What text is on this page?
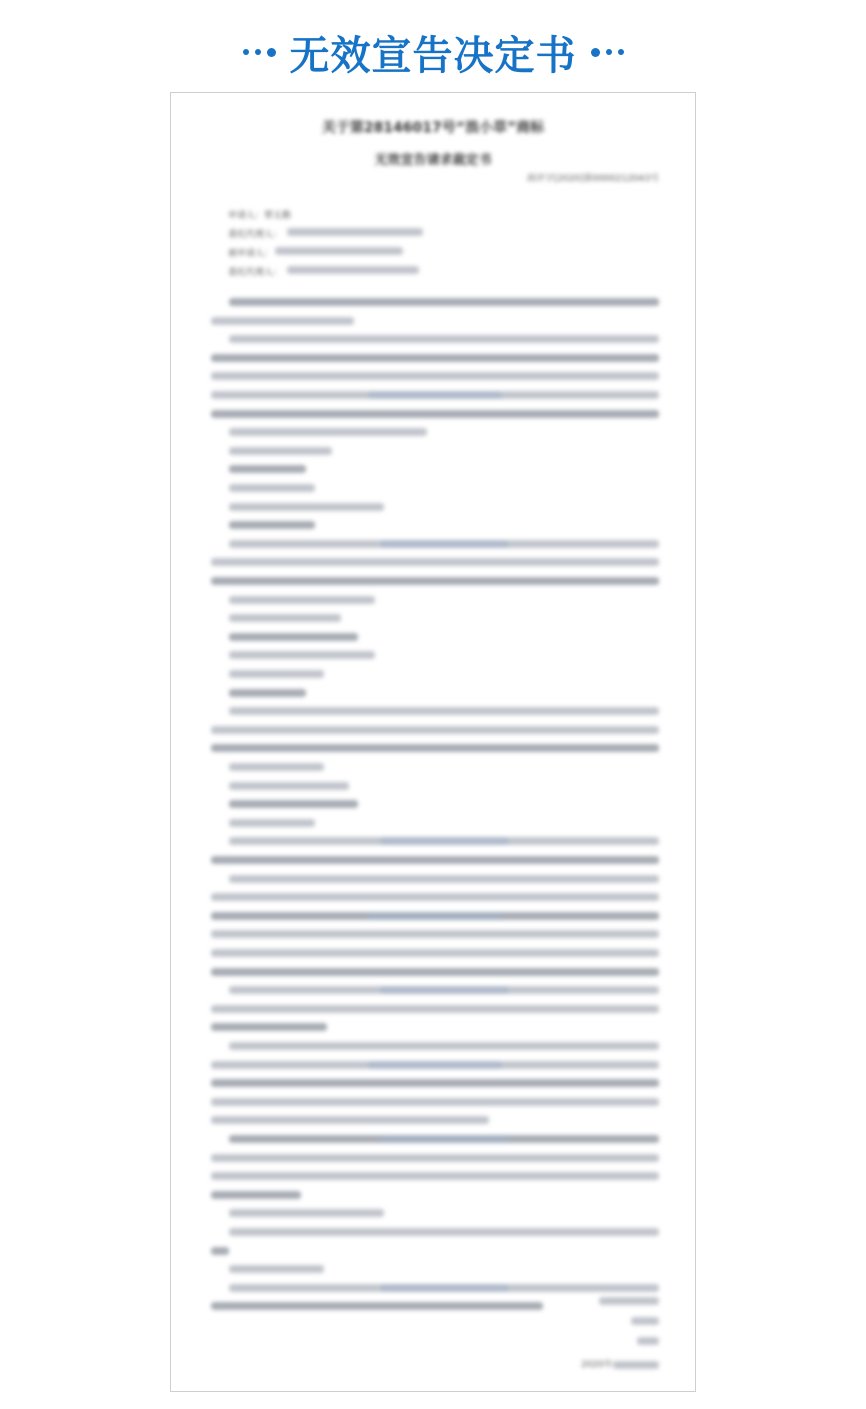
无效宣告决定书
关于第28146017号“浪小草”商标
无效宣告请求裁定书
商评字[2020]第0000212043号
申请人：覃太勤
委托代理人：
被申请人：
委托代理人：
2020年
